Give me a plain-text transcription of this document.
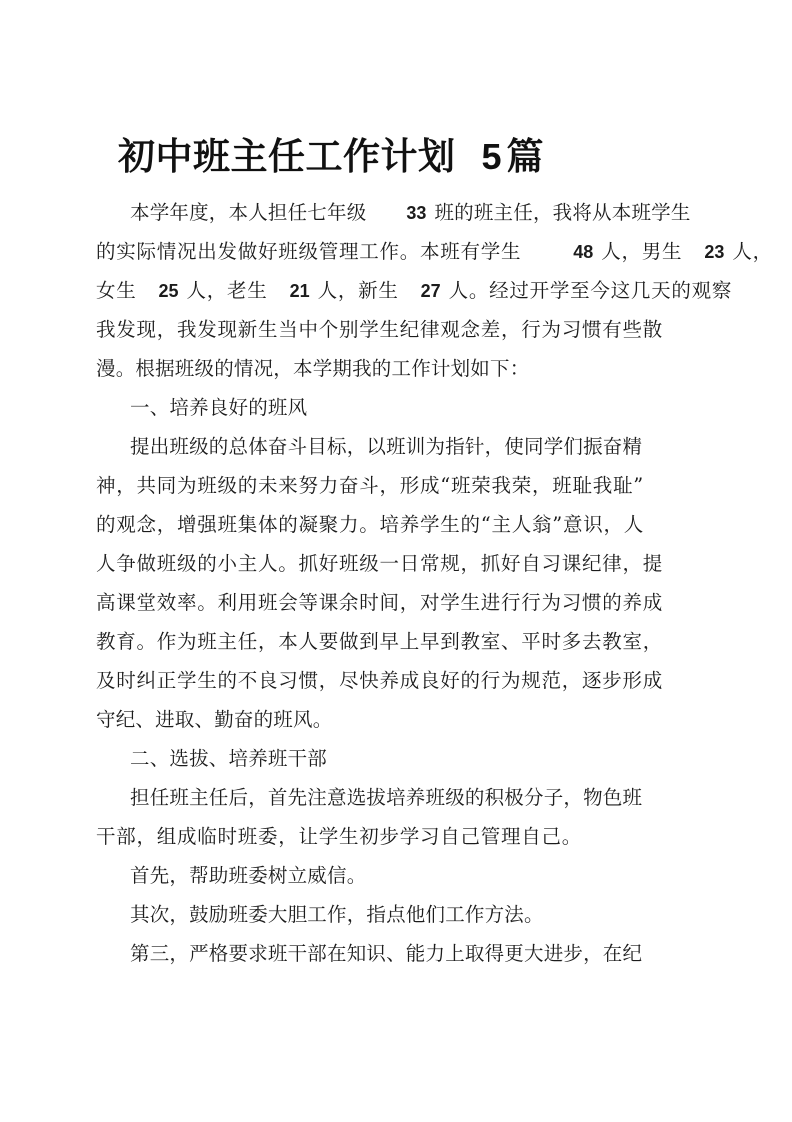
初中班主任工作计划 5 篇
本学年度，本人担任七年级 33 班的班主任，我将从本班学生
的实际情况出发做好班级管理工作。本班有学生	48 人，男生 23 人，
女生 25 人，老生 21 人，新生 27 人。经过开学至今这几天的观察
我发现，我发现新生当中个别学生纪律观念差，行为习惯有些散
漫。根据班级的情况，本学期我的工作计划如下：
一、培养良好的班风
提出班级的总体奋斗目标，以班训为指针，使同学们振奋精
神，共同为班级的未来努力奋斗，形成“班荣我荣，班耻我耻”
的观念，增强班集体的凝聚力。培养学生的“主人翁”意识，人
人争做班级的小主人。抓好班级一日常规，抓好自习课纪律，提
高课堂效率。利用班会等课余时间，对学生进行行为习惯的养成
教育。作为班主任，本人要做到早上早到教室、平时多去教室，
及时纠正学生的不良习惯，尽快养成良好的行为规范，逐步形成
守纪、进取、勤奋的班风。
二、选拔、培养班干部
担任班主任后，首先注意选拔培养班级的积极分子，物色班
干部，组成临时班委，让学生初步学习自己管理自己。
首先，帮助班委树立威信。
其次，鼓励班委大胆工作，指点他们工作方法。
第三，严格要求班干部在知识、能力上取得更大进步，在纪
